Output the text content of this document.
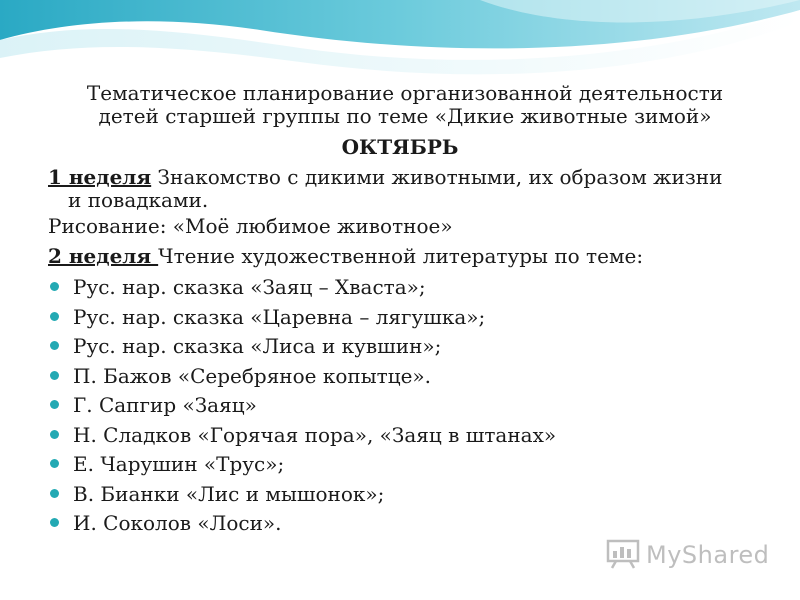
Тематическое планирование организованной деятельности
детей старшей группы по теме «Дикие животные зимой»
ОКТЯБРЬ
1 неделя Знакомство с дикими животными, их образом жизни
и повадками.
Рисование: «Моё любимое животное»
2 неделя Чтение художественной литературы по теме:
Рус. нар. сказка «Заяц – Хваста»;
Рус. нар. сказка «Царевна – лягушка»;
Рус. нар. сказка «Лиса и кувшин»;
П. Бажов «Серебряное копытце».
Г. Сапгир «Заяц»
Н. Сладков «Горячая пора», «Заяц в штанах»
Е. Чарушин «Трус»;
В. Бианки «Лис и мышонок»;
И. Соколов «Лоси».
MyShared
